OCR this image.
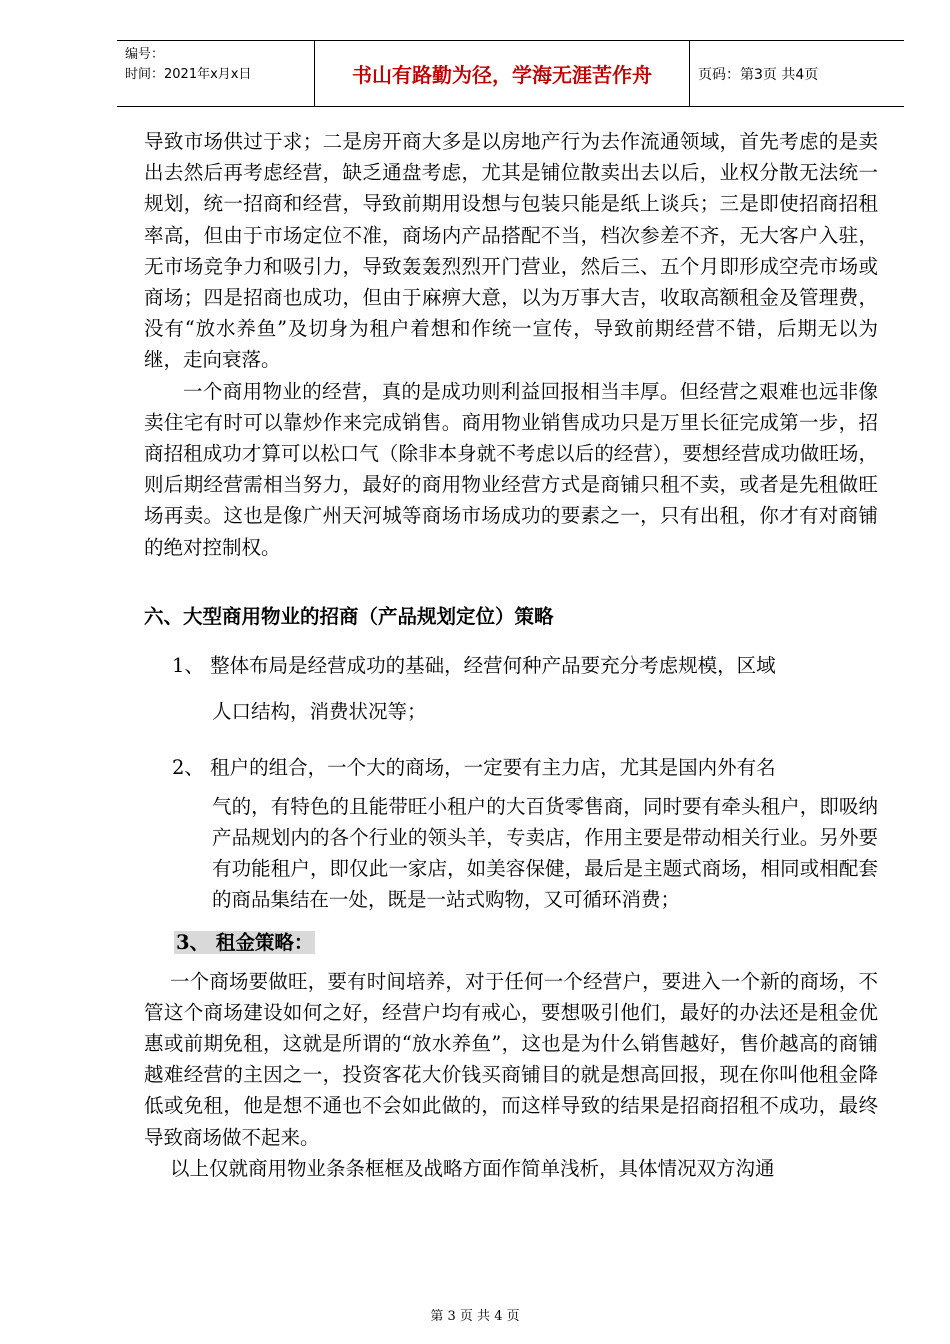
编号：
时间：2021年x月x日	书山有路勤为径，学海无涯苦作舟	页码：第3页 共4页

导致市场供过于求；二是房开商大多是以房地产行为去作流通领域，首先考虑的是卖出去然后再考虑经营，缺乏通盘考虑，尤其是铺位散卖出去以后，业权分散无法统一规划，统一招商和经营，导致前期用设想与包装只能是纸上谈兵；三是即使招商招租率高，但由于市场定位不准，商场内产品搭配不当，档次参差不齐，无大客户入驻，无市场竞争力和吸引力，导致轰轰烈烈开门营业，然后三、五个月即形成空壳市场或商场；四是招商也成功，但由于麻痹大意，以为万事大吉，收取高额租金及管理费，没有“放水养鱼”及切身为租户着想和作统一宣传，导致前期经营不错，后期无以为继，走向衰落。

一个商用物业的经营，真的是成功则利益回报相当丰厚。但经营之艰难也远非像卖住宅有时可以靠炒作来完成销售。商用物业销售成功只是万里长征完成第一步，招商招租成功才算可以松口气（除非本身就不考虑以后的经营），要想经营成功做旺场，则后期经营需相当努力，最好的商用物业经营方式是商铺只租不卖，或者是先租做旺场再卖。这也是像广州天河城等商场市场成功的要素之一，只有出租，你才有对商铺的绝对控制权。

六、大型商用物业的招商（产品规划定位）策略

1、 整体布局是经营成功的基础，经营何种产品要充分考虑规模，区域

人口结构，消费状况等；

2、 租户的组合，一个大的商场，一定要有主力店，尤其是国内外有名

气的，有特色的且能带旺小租户的大百货零售商，同时要有牵头租户，即吸纳产品规划内的各个行业的领头羊，专卖店，作用主要是带动相关行业。另外要有功能租户，即仅此一家店，如美容保健，最后是主题式商场，相同或相配套的商品集结在一处，既是一站式购物，又可循环消费；

3、 租金策略：

一个商场要做旺，要有时间培养，对于任何一个经营户，要进入一个新的商场，不管这个商场建设如何之好，经营户均有戒心，要想吸引他们，最好的办法还是租金优惠或前期免租，这就是所谓的“放水养鱼”，这也是为什么销售越好，售价越高的商铺越难经营的主因之一，投资客花大价钱买商铺目的就是想高回报，现在你叫他租金降低或免租，他是想不通也不会如此做的，而这样导致的结果是招商招租不成功，最终导致商场做不起来。

以上仅就商用物业条条框框及战略方面作简单浅析，具体情况双方沟通

第 3 页 共 4 页
